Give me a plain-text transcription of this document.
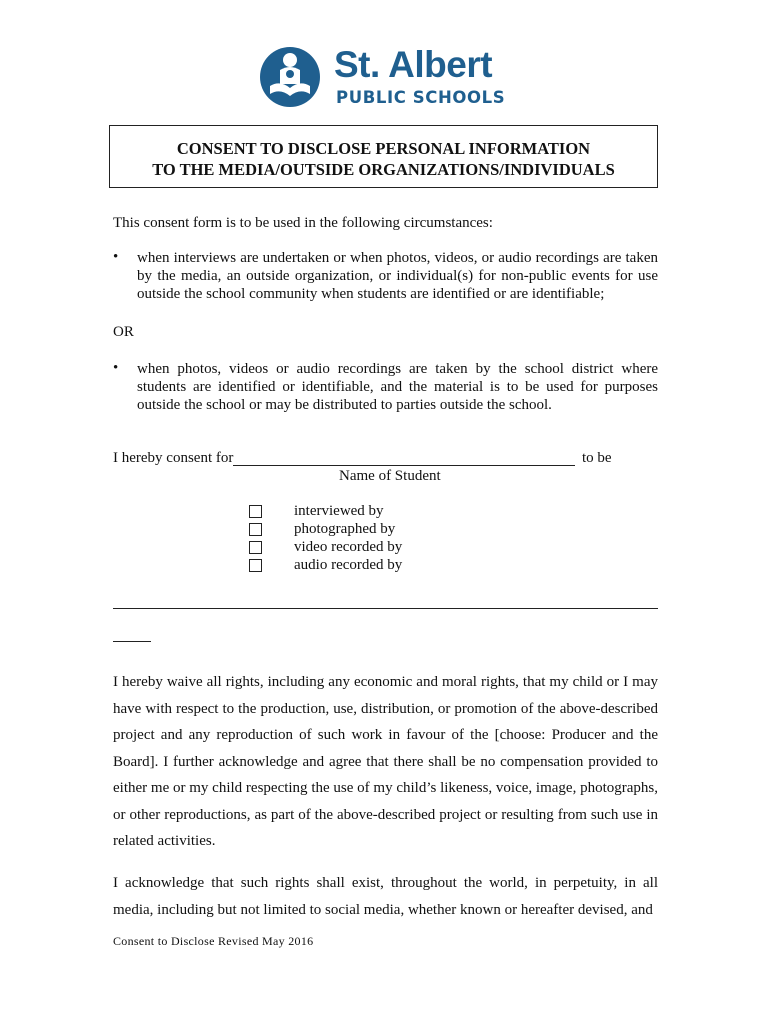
St. Albert
PUBLIC SCHOOLS
CONSENT TO DISCLOSE PERSONAL INFORMATION
TO THE MEDIA/OUTSIDE ORGANIZATIONS/INDIVIDUALS
This consent form is to be used in the following circumstances:
• when interviews are undertaken or when photos, videos, or audio recordings are taken by the media, an outside organization, or individual(s) for non-public events for use outside the school community when students are identified or are identifiable;
OR
• when photos, videos or audio recordings are taken by the school district where students are identified or identifiable, and the material is to be used for purposes outside the school or may be distributed to parties outside the school.
I hereby consent for	to be
Name of Student
interviewed by
photographed by
video recorded by
audio recorded by
I hereby waive all rights, including any economic and moral rights, that my child or I may have with respect to the production, use, distribution, or promotion of the above-described project and any reproduction of such work in favour of the [choose: Producer and the Board]. I further acknowledge and agree that there shall be no compensation provided to either me or my child respecting the use of my child’s likeness, voice, image, photographs, or other reproductions, as part of the above-described project or resulting from such use in related activities.
I acknowledge that such rights shall exist, throughout the world, in perpetuity, in all media, including but not limited to social media, whether known or hereafter devised, and
Consent to Disclose Revised May 2016
